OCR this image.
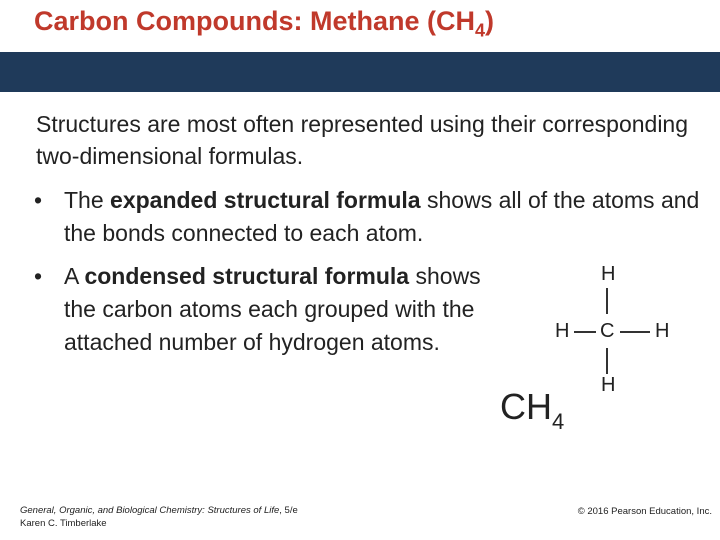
Carbon Compounds: Methane $(CH_4)$
Structures are most often represented using their corresponding two-dimensional formulas.
• The expanded structural formula shows all of the atoms and the bonds connected to each atom.
• A condensed structural formula shows the carbon atoms each grouped with the attached number of hydrogen atoms.
$CH_4$
H
H C H
H
General, Organic, and Biological Chemistry: Structures of Life, 5/e
Karen C. Timberlake
© 2016 Pearson Education, Inc.
